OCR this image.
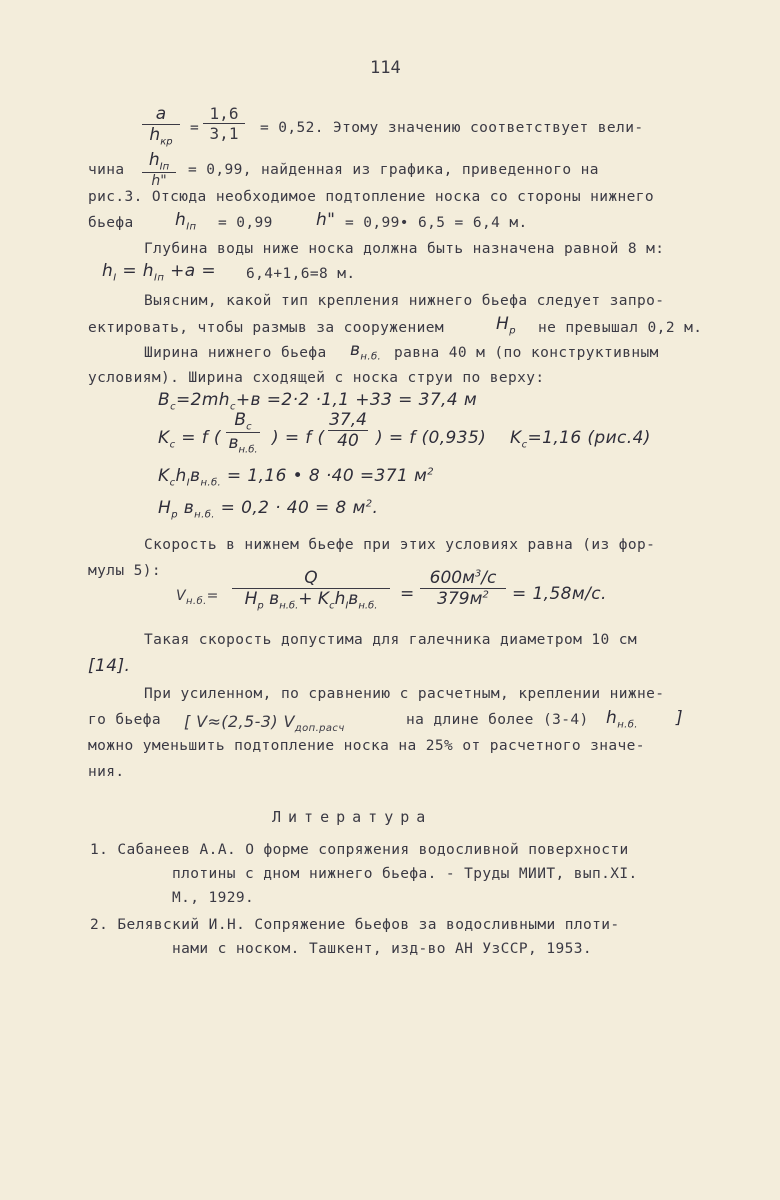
114
a
$h_{кр}$
=
1,6
3,1 = 0,52. Этому значению соответствует вели-
чина $h_{Iп}$
h"
= 0,99, найденная из графика, приведенного на
рис.3. Отсюда необходимое подтопление носка со стороны нижнего
бьефа $h_{Iп} = 0,99$	h" = 0,99• 6,5 = 6,4 м.
Глубина воды ниже носка должна быть назначена равной 8 м:
$h_I = h_{Iп} +a = 6,4+1,6=8$ м.
Выясним, какой тип крепления нижнего бьефа следует запро-
ектировать, чтобы размыв за сооружением	$H_р$ не превышал 0,2 м.
Ширина нижнего бьефа $в_{н.б.}$ равна 40 м (по конструктивным
условиям). Ширина сходящей с носка струи по верху:
$B_c=2mh_c+в =2\cdot 2 \cdot 1,1 +33 = 37,4$ м
$K_c = f$ (
$B_c$
$в_{н.б.}$
) = f (
37,4
40 ) = f (0,935) $K_c=1,16$ (рис.4)
$K_ch_Iв_{н.б.} = 1,16$ • 8 ·40 =371 $м^2$
$H_р$ $в_{н.б.} = 0,2 \cdot 40 = 8$ $м^2$.
Скорость в нижнем бьефе при этих условиях равна (из фор-
мулы 5):
$V_{н.б.}=$
Q
$H_р$ $в_{н.б.}+ K_ch_Iв_{н.б.}$
=
$600м^3/c$
$379м^2 = 1,58м/с$.
Такая скорость допустима для галечника диаметром 10 см
[14].
При усиленном, по сравнению с расчетным, креплении нижне-
го бьефа [ V≈(2,5-3) $V_{доп.расч}$
на длине более (3-4) $h_{н.б.}$ ]
можно уменьшить подтопление носка на 25% от расчетного значе-
ния.
Литература
1. Сабанеев А.А. О форме сопряжения водосливной поверхности
плотины с дном нижнего бьефа. - Труды МИИТ, вып.XI.
М., 1929.
2. Белявский И.Н. Сопряжение бьефов за водосливными плоти-
нами с носком. Ташкент, изд-во АН УзССР, 1953.
